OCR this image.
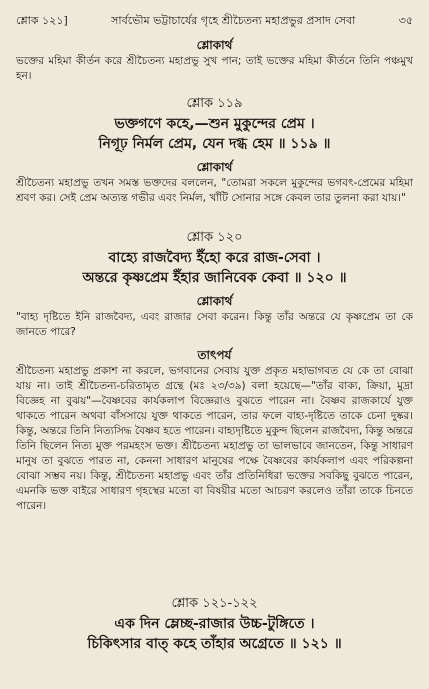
শ্লোক ১২১]	সার্বভৌম ভট্টাচার্যের গৃহে শ্রীচৈতন্য মহাপ্রভুর প্রসাদ সেবা	৩৫
শ্লোকার্থ
ভক্তের মহিমা কীর্তন করে শ্রীচৈতন্য মহাপ্রভু সুখ পান; তাই ভক্তের মহিমা কীর্তনে তিনি পঞ্চমুখ হন।
শ্লোক ১১৯
ভক্তগণে কহে,—শুন মুকুন্দের প্রেম ।
নিগূঢ় নির্মল প্রেম, যেন দগ্ধ হেম ॥ ১১৯ ॥
শ্লোকার্থ
শ্রীচৈতন্য মহাপ্রভু তখন সমস্ত ভক্তদের বললেন, "তোমরা সকলে মুকুন্দের ভগবৎ-প্রেমের মহিমা শ্রবণ কর। সেই প্রেম অত্যন্ত গভীর এবং নির্মল, খাঁটি সোনার সঙ্গে কেবল তার তুলনা করা যায়।"
শ্লোক ১২০
বাহ্যে রাজবৈদ্য ইঁহো করে রাজ-সেবা ।
অন্তরে কৃষ্ণপ্রেম ইঁহার জানিবেক কেবা ॥ ১২০ ॥
শ্লোকার্থ
"বাহ্য দৃষ্টিতে ইনি রাজবৈদ্য, এবং রাজার সেবা করেন। কিন্তু তাঁর অন্তরে যে কৃষ্ণপ্রেম তা কে জানতে পারে?
তাৎপর্য
শ্রীচৈতন্য মহাপ্রভু প্রকাশ না করলে, ভগবানের সেবায় যুক্ত প্রকৃত মহাভাগবত যে কে তা বোঝা যায় না। তাই শ্রীচৈতন্য-চরিতামৃত গ্রন্থে (মঃ ২৩/৩৯) বলা হয়েছে—"তাঁর বাক্য, ক্রিয়া, মুদ্রা বিজ্ঞেহ না বুঝয়"—বৈষ্ণবের কার্যকলাপ বিজ্ঞেরাও বুঝতে পারেন না। বৈষ্ণব রাজকার্যে যুক্ত থাকতে পারেন অথবা বাঁসসায়ে যুক্ত থাকতে পারেন, তার ফলে বাহ্য-দৃষ্টিতে তাকে চেনা দুষ্কর। কিন্তু, অন্তরে তিনি নিত্যসিদ্ধ বৈষ্ণব হতে পারেন। বাহ্যদৃষ্টিতে মুকুন্দ ছিলেন রাজবৈদ্য, কিন্তু অন্তরে তিনি ছিলেন নিত্য মুক্ত পরমহংস ভক্ত। শ্রীচৈতন্য মহাপ্রভু তা ভালভাবে জানতেন, কিন্তু সাধারণ মানুষ তা বুঝতে পারত না, কেননা সাধারণ মানুষের পক্ষে বৈষ্ণবের কার্যকলাপ এবং পরিকল্পনা বোঝা সম্ভব নয়। কিন্তু, শ্রীচৈতন্য মহাপ্রভু এবং তাঁর প্রতিনিধিরা ভক্তের সবকিছু বুঝতে পারেন, এমনকি ভক্ত বাইরে সাধারণ গৃহস্থের মতো বা বিষয়ীর মতো আচরণ করলেও তাঁরা তাকে চিনতে পারেন।
শ্লোক ১২১-১২২
এক দিন ম্লেচ্ছ-রাজার উচ্চ-টুঙ্গিতে ।
চিকিৎসার বাত্ কহে তাঁহার অগ্রেতে ॥ ১২১ ॥
